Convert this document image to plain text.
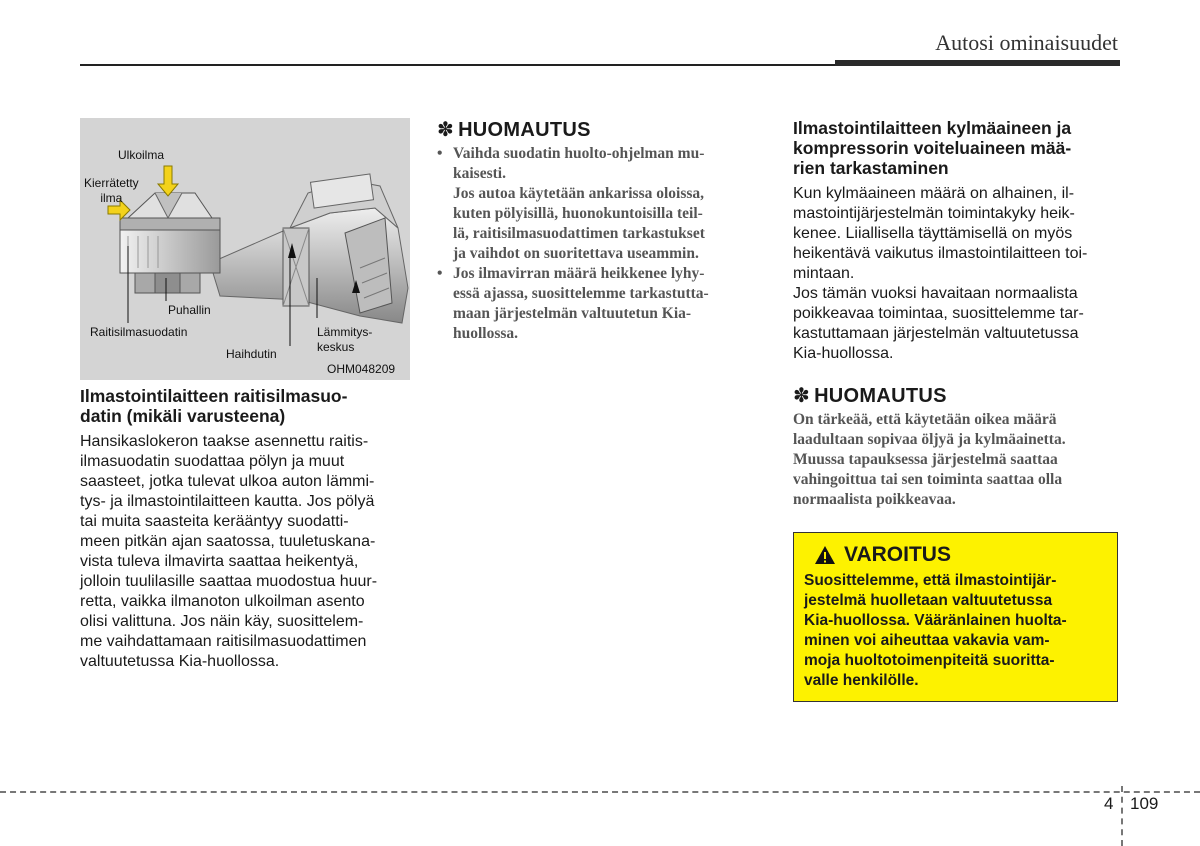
Autosi ominaisuudet
Ulkoilma
Kierrätetty
ilma
Puhallin
Raitisilmasuodatin	Lämmitys-
keskus
Haihdutin
OHM048209

Ilmastointilaitteen raitisilmasuo-
datin (mikäli varusteena)

Hansikaslokeron taakse asennettu raitis-
ilmasuodatin suodattaa pölyn ja muut
saasteet, jotka tulevat ulkoa auton lämmi-
tys- ja ilmastointilaitteen kautta. Jos pölyä
tai muita saasteita kerääntyy suodatti-
meen pitkän ajan saatossa, tuuletuskana-
vista tuleva ilmavirta saattaa heikentyä,
jolloin tuulilasille saattaa muodostua huur-
retta, vaikka ilmanoton ulkoilman asento
olisi valittuna. Jos näin käy, suosittelem-
me vaihdattamaan raitisilmasuodattimen
valtuutetussa Kia-huollossa.

✽ HUOMAUTUS

• Vaihda suodatin huolto-ohjelman mu-
kaisesti.
Jos autoa käytetään ankarissa oloissa,
kuten pölyisillä, huonokuntoisilla teil-
lä, raitisilmasuodattimen tarkastukset
ja vaihdot on suoritettava useammin.
• Jos ilmavirran määrä heikkenee lyhy-
essä ajassa, suosittelemme tarkastutta-
maan järjestelmän valtuutetun Kia-
huollossa.

Ilmastointilaitteen kylmäaineen ja
kompressorin voiteluaineen mää-
rien tarkastaminen

Kun kylmäaineen määrä on alhainen, il-
mastointijärjestelmän toimintakyky heik-
kenee. Liiallisella täyttämisellä on myös
heikentävä vaikutus ilmastointilaitteen toi-
mintaan.
Jos tämän vuoksi havaitaan normaalista
poikkeavaa toimintaa, suosittelemme tar-
kastuttamaan järjestelmän valtuutetussa
Kia-huollossa.

✽ HUOMAUTUS

On tärkeää, että käytetään oikea määrä
laadultaan sopivaa öljyä ja kylmäainetta.
Muussa tapauksessa järjestelmä saattaa
vahingoittua tai sen toiminta saattaa olla
normaalista poikkeavaa.

VAROITUS

Suosittelemme, että ilmastointijär-
jestelmä huolletaan valtuutetussa
Kia-huollossa. Vääränlainen huolta-
minen voi aiheuttaa vakavia vam-
moja huoltotoimenpiteitä suoritta-
valle henkilölle.

4 109
